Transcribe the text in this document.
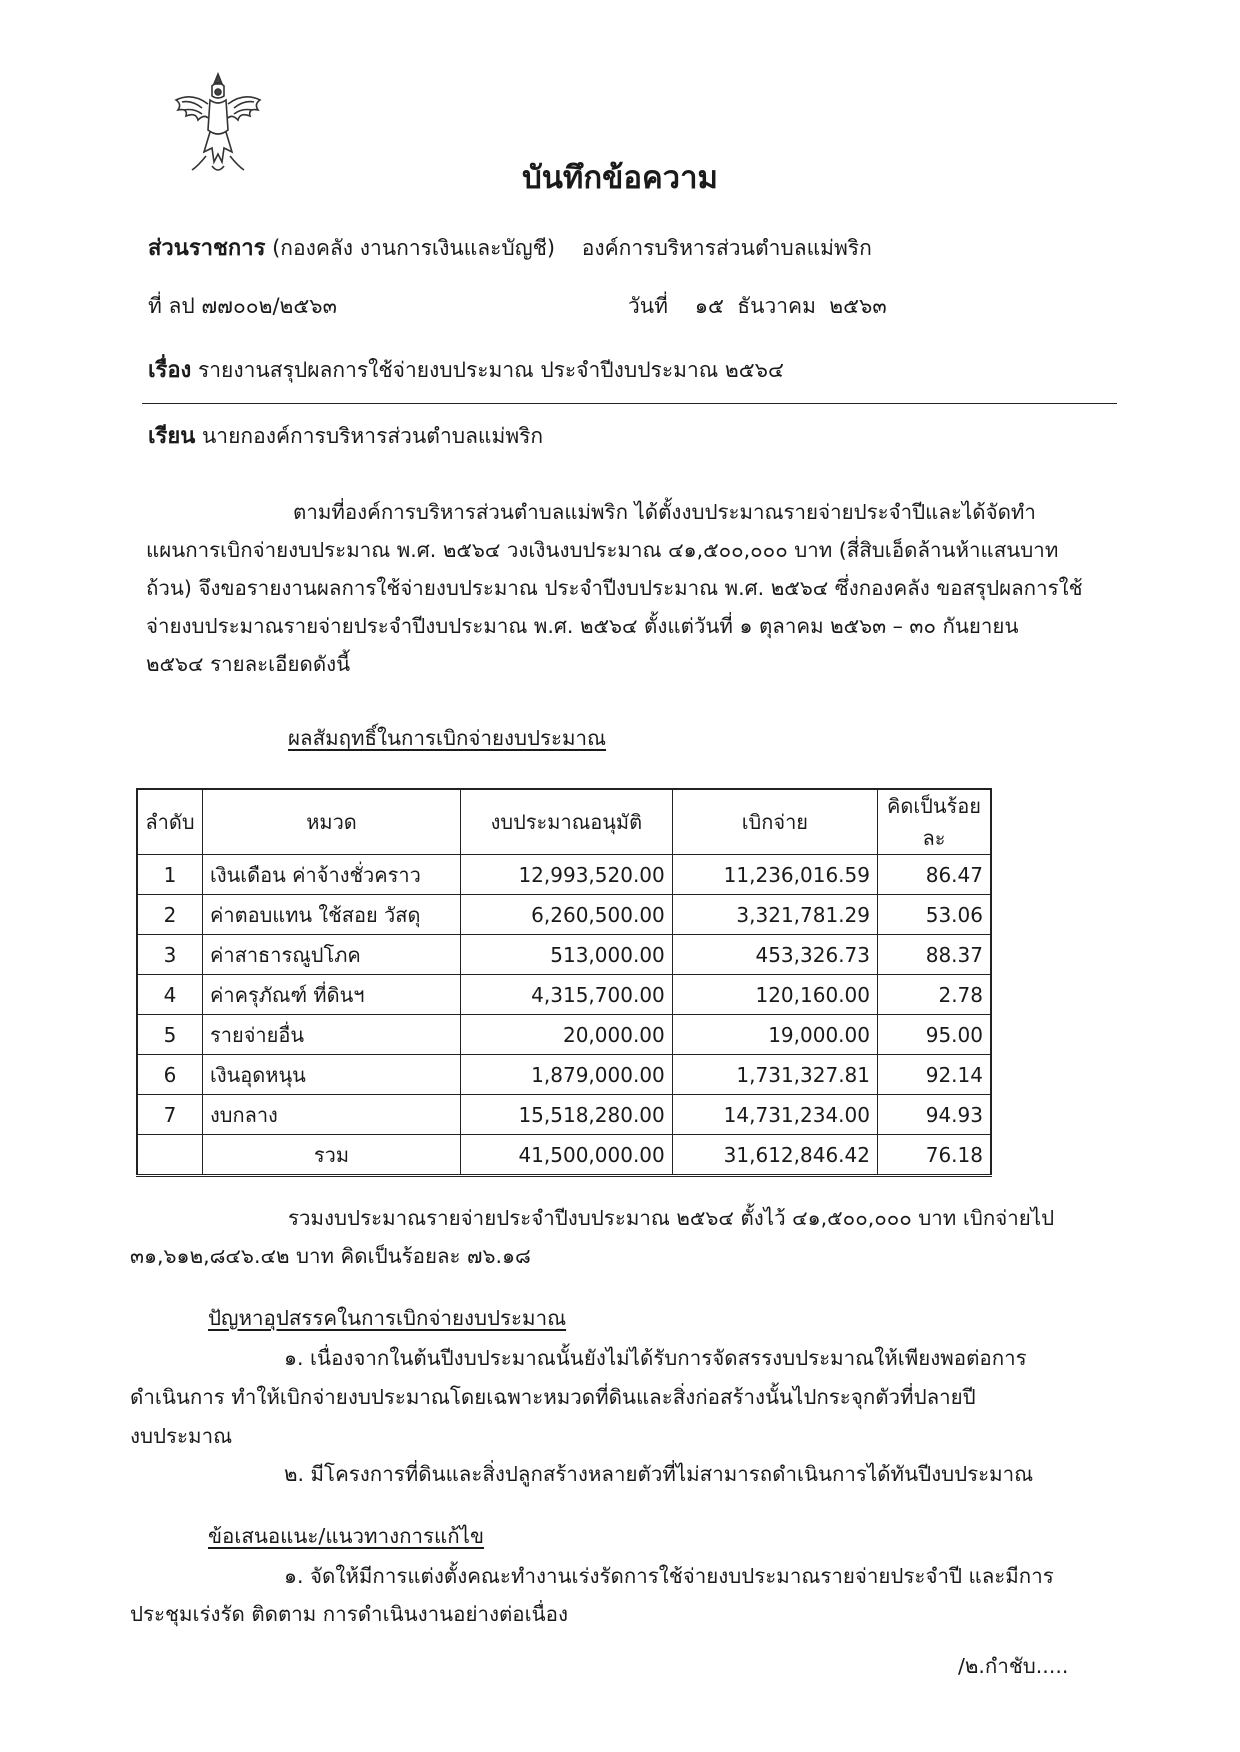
บันทึกข้อความ
ส่วนราชการ (กองคลัง งานการเงินและบัญชี)    องค์การบริหารส่วนตำบลแม่พริก
ที่ ลป ๗๗๐๐๒/๒๕๖๓	วันที่    ๑๕  ธันวาคม  ๒๕๖๓
เรื่อง รายงานสรุปผลการใช้จ่ายงบประมาณ ประจำปีงบประมาณ ๒๕๖๔
เรียน นายกองค์การบริหารส่วนตำบลแม่พริก
ตามที่องค์การบริหารส่วนตำบลแม่พริก ได้ตั้งงบประมาณรายจ่ายประจำปีและได้จัดทำ
แผนการเบิกจ่ายงบประมาณ พ.ศ. ๒๕๖๔ วงเงินงบประมาณ ๔๑,๕๐๐,๐๐๐ บาท (สี่สิบเอ็ดล้านห้าแสนบาท
ถ้วน) จึงขอรายงานผลการใช้จ่ายงบประมาณ ประจำปีงบประมาณ พ.ศ. ๒๕๖๔ ซึ่งกองคลัง ขอสรุปผลการใช้
จ่ายงบประมาณรายจ่ายประจำปีงบประมาณ พ.ศ. ๒๕๖๔ ตั้งแต่วันที่ ๑ ตุลาคม ๒๕๖๓ – ๓๐ กันยายน
๒๕๖๔ รายละเอียดดังนี้
ผลสัมฤทธิ์ในการเบิกจ่ายงบประมาณ
ลำดับ	หมวด	งบประมาณอนุมัติ	เบิกจ่าย	คิดเป็นร้อยละ
1	เงินเดือน ค่าจ้างชั่วคราว	12,993,520.00	11,236,016.59	86.47
2	ค่าตอบแทน ใช้สอย วัสดุ	6,260,500.00	3,321,781.29	53.06
3	ค่าสาธารณูปโภค	513,000.00	453,326.73	88.37
4	ค่าครุภัณฑ์ ที่ดินฯ	4,315,700.00	120,160.00	2.78
5	รายจ่ายอื่น	20,000.00	19,000.00	95.00
6	เงินอุดหนุน	1,879,000.00	1,731,327.81	92.14
7	งบกลาง	15,518,280.00	14,731,234.00	94.93
	รวม	41,500,000.00	31,612,846.42	76.18
รวมงบประมาณรายจ่ายประจำปีงบประมาณ ๒๕๖๔ ตั้งไว้ ๔๑,๕๐๐,๐๐๐ บาท เบิกจ่ายไป
๓๑,๖๑๒,๘๔๖.๔๒ บาท คิดเป็นร้อยละ ๗๖.๑๘
ปัญหาอุปสรรคในการเบิกจ่ายงบประมาณ
๑. เนื่องจากในต้นปีงบประมาณนั้นยังไม่ได้รับการจัดสรรงบประมาณให้เพียงพอต่อการ
ดำเนินการ ทำให้เบิกจ่ายงบประมาณโดยเฉพาะหมวดที่ดินและสิ่งก่อสร้างนั้นไปกระจุกตัวที่ปลายปี
งบประมาณ
๒. มีโครงการที่ดินและสิ่งปลูกสร้างหลายตัวที่ไม่สามารถดำเนินการได้ทันปีงบประมาณ
ข้อเสนอแนะ/แนวทางการแก้ไข
๑. จัดให้มีการแต่งตั้งคณะทำงานเร่งรัดการใช้จ่ายงบประมาณรายจ่ายประจำปี และมีการ
ประชุมเร่งรัด ติดตาม การดำเนินงานอย่างต่อเนื่อง
/๒.กำชับ.....
